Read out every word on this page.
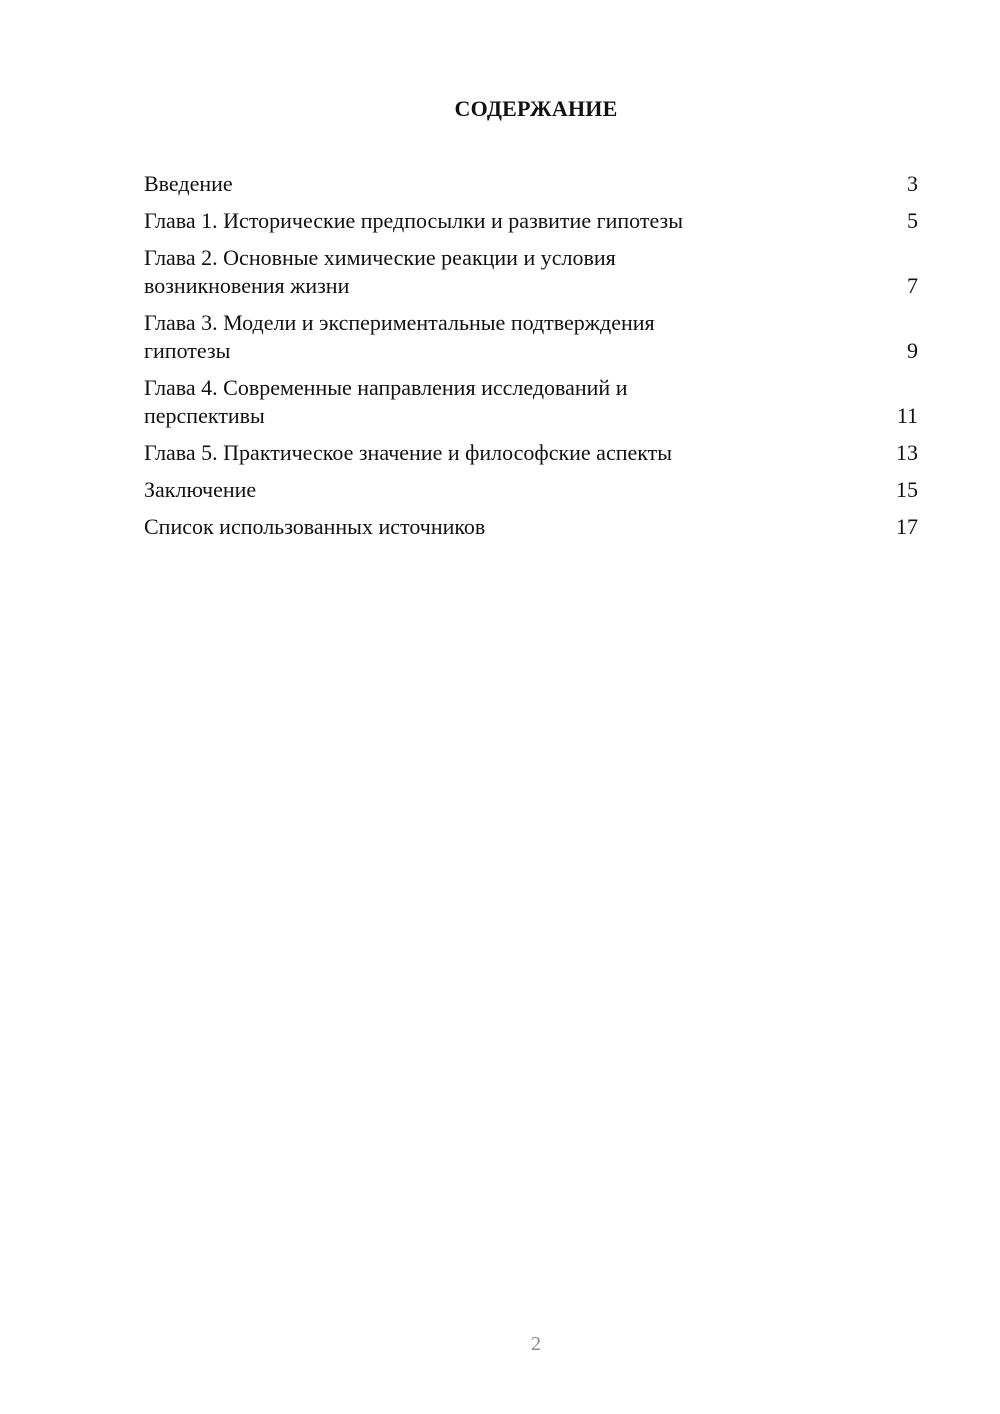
СОДЕРЖАНИЕ
Введение	3
Глава 1. Исторические предпосылки и развитие гипотезы	5
Глава 2. Основные химические реакции и условия
возникновения жизни	7
Глава 3. Модели и экспериментальные подтверждения
гипотезы	9
Глава 4. Современные направления исследований и
перспективы	11
Глава 5. Практическое значение и философские аспекты	13
Заключение	15
Список использованных источников	17
2
